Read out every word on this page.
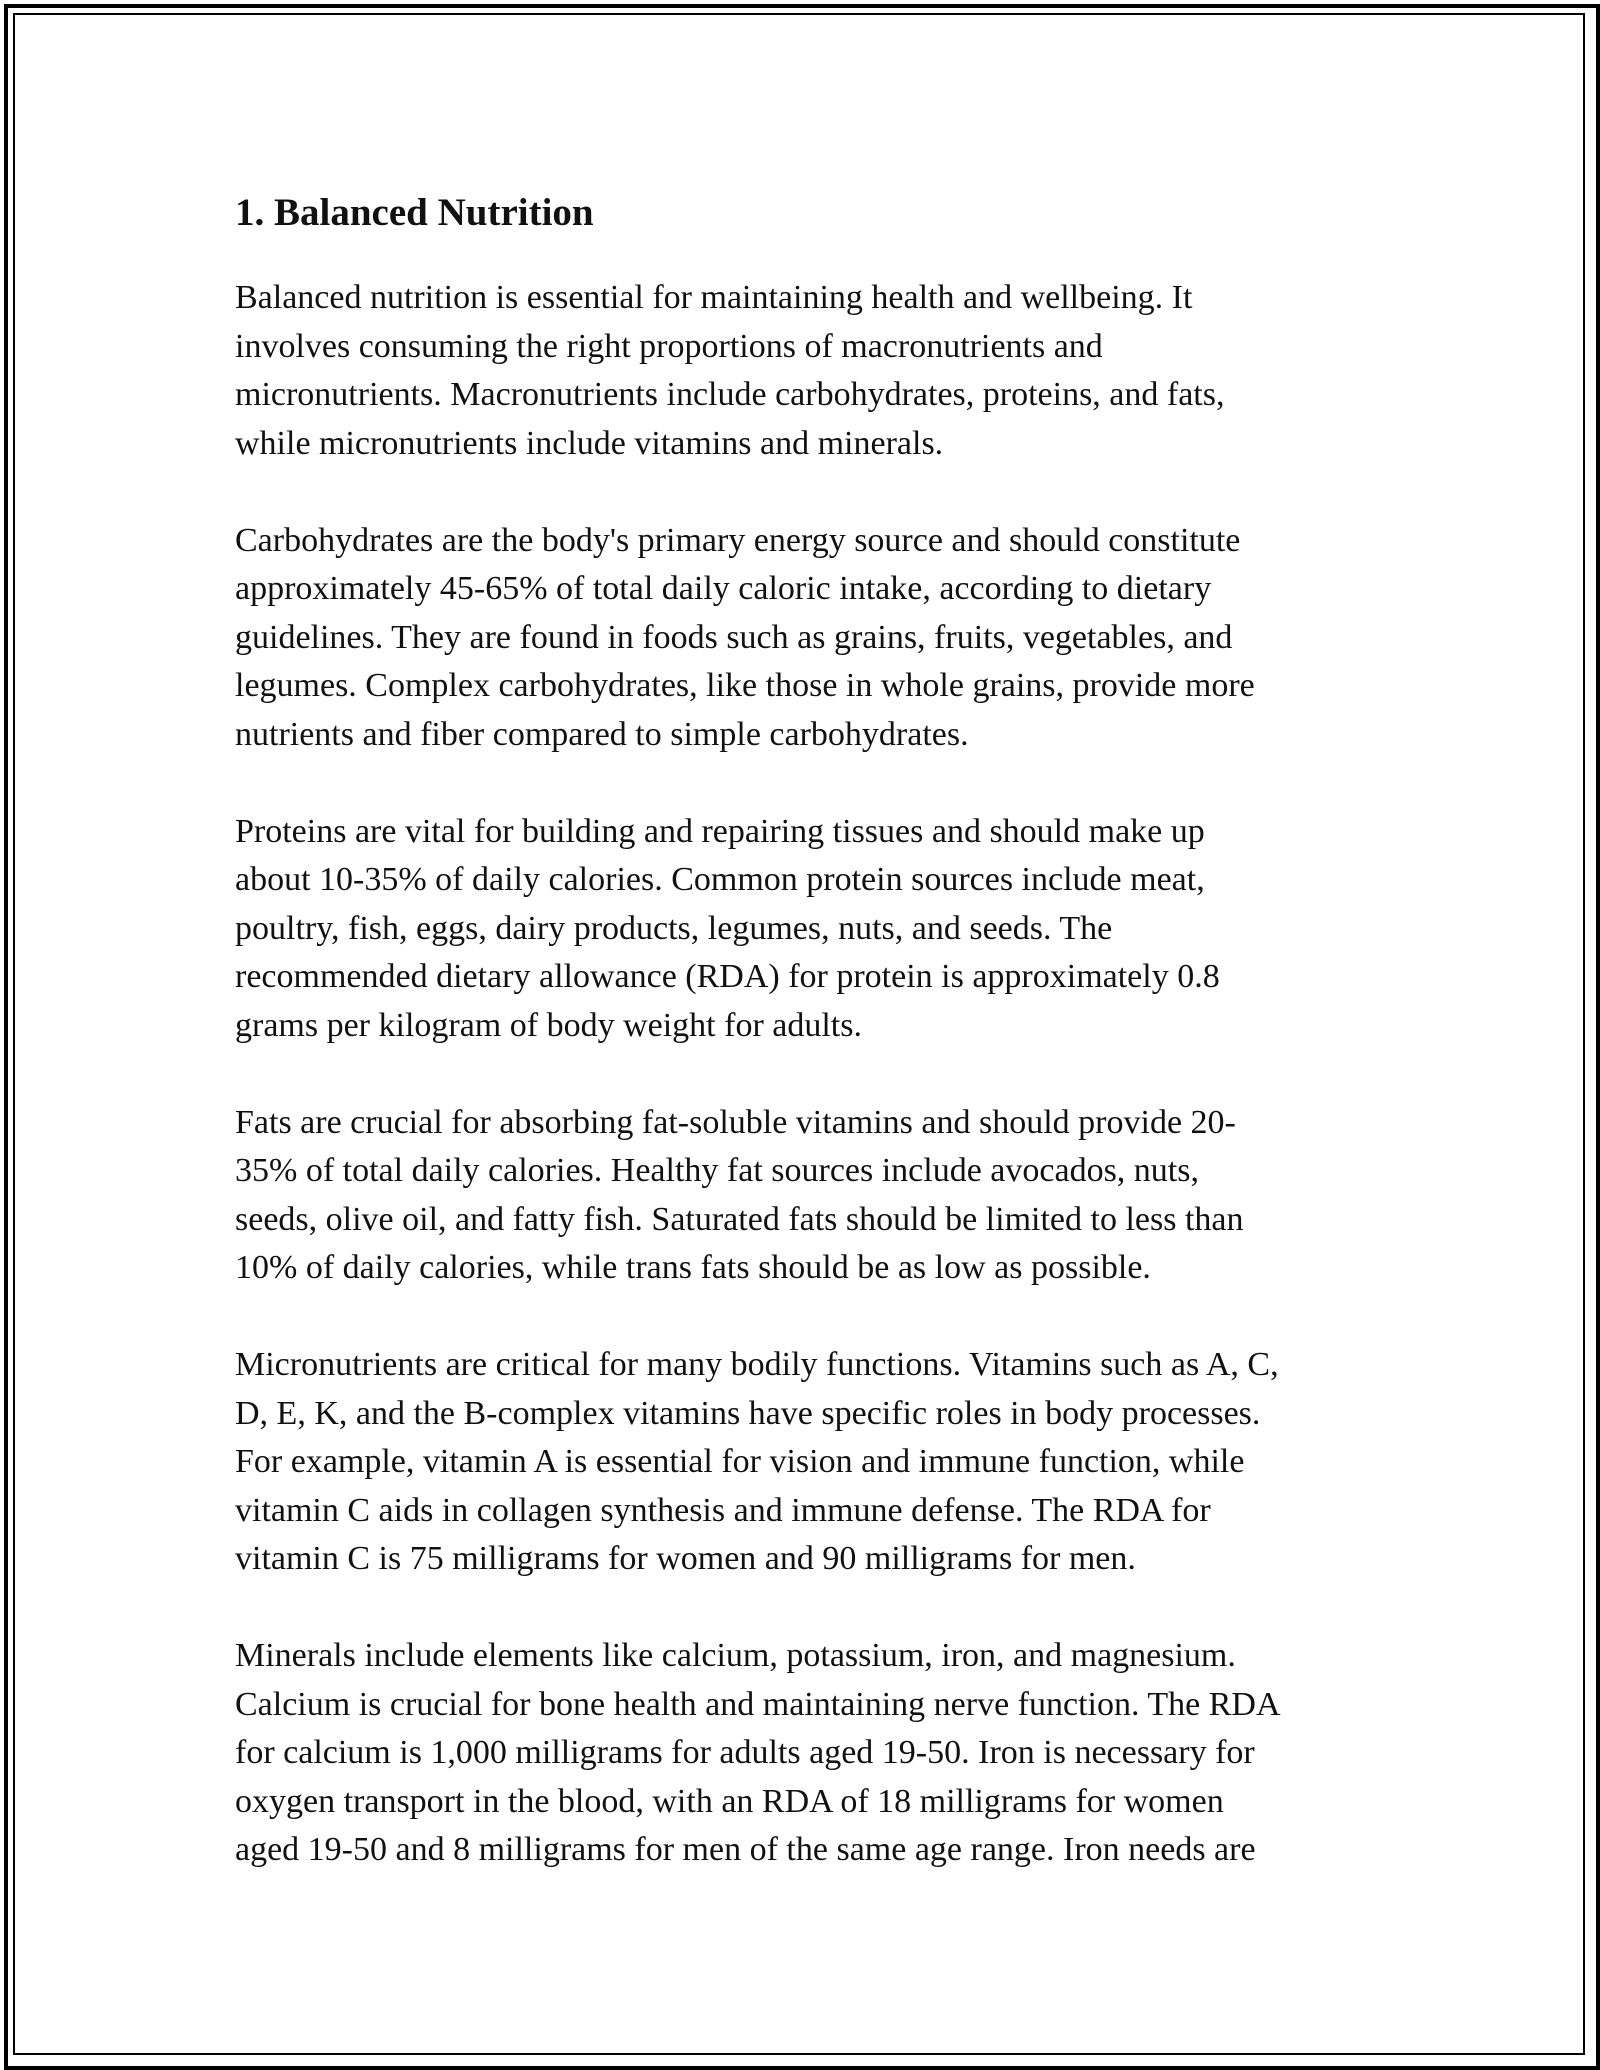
1. Balanced Nutrition

Balanced nutrition is essential for maintaining health and wellbeing. It
involves consuming the right proportions of macronutrients and
micronutrients. Macronutrients include carbohydrates, proteins, and fats,
while micronutrients include vitamins and minerals.

Carbohydrates are the body's primary energy source and should constitute
approximately 45-65% of total daily caloric intake, according to dietary
guidelines. They are found in foods such as grains, fruits, vegetables, and
legumes. Complex carbohydrates, like those in whole grains, provide more
nutrients and fiber compared to simple carbohydrates.

Proteins are vital for building and repairing tissues and should make up
about 10-35% of daily calories. Common protein sources include meat,
poultry, fish, eggs, dairy products, legumes, nuts, and seeds. The
recommended dietary allowance (RDA) for protein is approximately 0.8
grams per kilogram of body weight for adults.

Fats are crucial for absorbing fat-soluble vitamins and should provide 20-
35% of total daily calories. Healthy fat sources include avocados, nuts,
seeds, olive oil, and fatty fish. Saturated fats should be limited to less than
10% of daily calories, while trans fats should be as low as possible.

Micronutrients are critical for many bodily functions. Vitamins such as A, C,
D, E, K, and the B-complex vitamins have specific roles in body processes.
For example, vitamin A is essential for vision and immune function, while
vitamin C aids in collagen synthesis and immune defense. The RDA for
vitamin C is 75 milligrams for women and 90 milligrams for men.

Minerals include elements like calcium, potassium, iron, and magnesium.
Calcium is crucial for bone health and maintaining nerve function. The RDA
for calcium is 1,000 milligrams for adults aged 19-50. Iron is necessary for
oxygen transport in the blood, with an RDA of 18 milligrams for women
aged 19-50 and 8 milligrams for men of the same age range. Iron needs are
